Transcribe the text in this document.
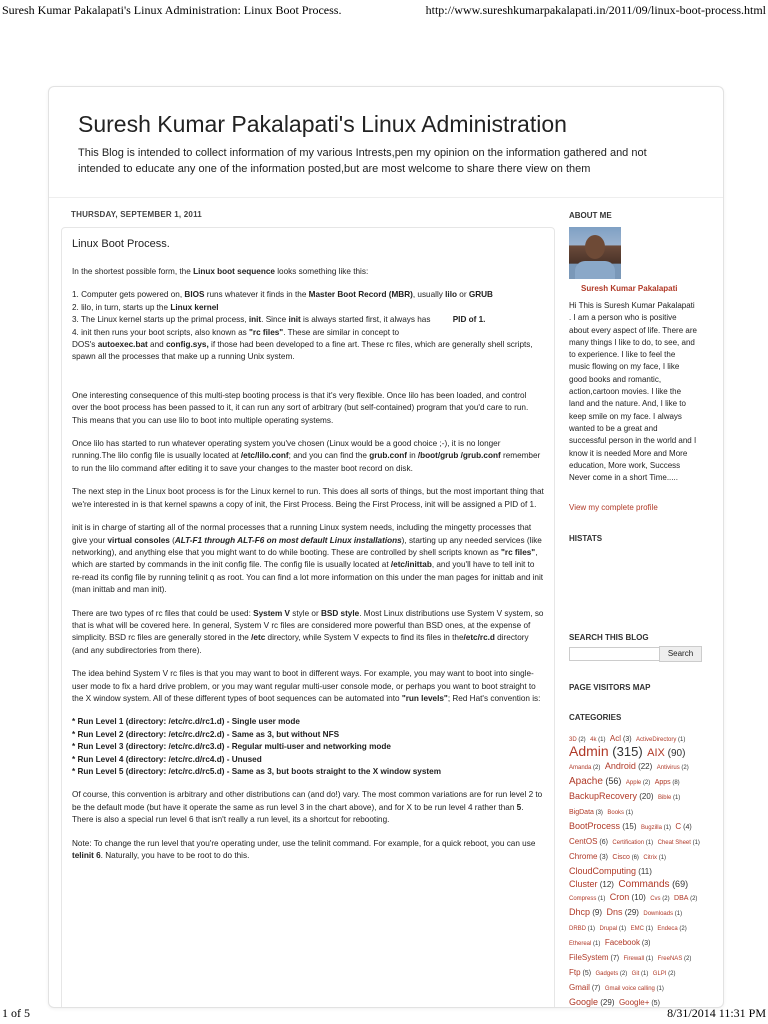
Suresh Kumar Pakalapati's Linux Administration: Linux Boot Process.	http://www.sureshkumarpakalapati.in/2011/09/linux-boot-process.html
Suresh Kumar Pakalapati's Linux Administration
This Blog is intended to collect information of my various Intrests,pen my opinion on the information gathered and not intended to educate any one of the information posted,but are most welcome to share there view on them
THURSDAY, SEPTEMBER 1, 2011
Linux Boot Process.

In the shortest possible form, the Linux boot sequence looks something like this:

1. Computer gets powered on, BIOS runs whatever it finds in the Master Boot Record (MBR), usually lilo or GRUB
2. lilo, in turn, starts up the Linux kernel
3. The Linux kernel starts up the primal process, init. Since init is always started first, it always has PID of 1.
4. init then runs your boot scripts, also known as "rc files". These are similar in concept to
DOS's autoexec.bat and config.sys, if those had been developed to a fine art. These rc files, which are generally shell scripts, spawn all the processes that make up a running Unix system.

One interesting consequence of this multi-step booting process is that it's very flexible. Once lilo has been loaded, and control over the boot process has been passed to it, it can run any sort of arbitrary (but self-contained) program that you'd care to run. This means that you can use lilo to boot into multiple operating systems.

Once lilo has started to run whatever operating system you've chosen (Linux would be a good choice ;-), it is no longer running.The lilo config file is usually located at /etc/lilo.conf; and you can find the grub.conf in /boot/grub /grub.conf remember to run the lilo command after editing it to save your changes to the master boot record on disk.

The next step in the Linux boot process is for the Linux kernel to run. This does all sorts of things, but the most important thing that we're interested in is that kernel spawns a copy of init, the First Process. Being the First Process, init will be assigned a PID of 1.

init is in charge of starting all of the normal processes that a running Linux system needs, including the mingetty processes that give your virtual consoles (ALT-F1 through ALT-F6 on most default Linux installations), starting up any needed services (like networking), and anything else that you might want to do while booting. These are controlled by shell scripts known as "rc files", which are started by commands in the init config file. The config file is usually located at /etc/inittab, and you'll have to tell init to re-read its config file by running telinit q as root. You can find a lot more information on this under the man pages for inittab and init (man inittab and man init).

There are two types of rc files that could be used: System V style or BSD style. Most Linux distributions use System V system, so that is what will be covered here. In general, System V rc files are considered more powerful than BSD ones, at the expense of simplicity. BSD rc files are generally stored in the /etc directory, while System V expects to find its files in the/etc/rc.d directory (and any subdirectories from there).

The idea behind System V rc files is that you may want to boot in different ways. For example, you may want to boot into single-user mode to fix a hard drive problem, or you may want regular multi-user console mode, or perhaps you want to boot straight to the X window system. All of these different types of boot sequences can be automated into "run levels"; Red Hat's convention is:

* Run Level 1 (directory: /etc/rc.d/rc1.d) - Single user mode
* Run Level 2 (directory: /etc/rc.d/rc2.d) - Same as 3, but without NFS
* Run Level 3 (directory: /etc/rc.d/rc3.d) - Regular multi-user and networking mode
* Run Level 4 (directory: /etc/rc.d/rc4.d) - Unused
* Run Level 5 (directory: /etc/rc.d/rc5.d) - Same as 3, but boots straight to the X window system

Of course, this convention is arbitrary and other distributions can (and do!) vary. The most common variations are for run level 2 to be the default mode (but have it operate the same as run level 3 in the chart above), and for X to be run level 4 rather than 5. There is also a special run level 6 that isn't really a run level, its a shortcut for rebooting.

Note: To change the run level that you're operating under, use the telinit command. For example, for a quick reboot, you can use telinit 6. Naturally, you have to be root to do this.

ABOUT ME
Suresh Kumar Pakalapati
Hi This is Suresh Kumar Pakalapati . I am a person who is positive about every aspect of life. There are many things I like to do, to see, and to experience. I like to feel the music flowing on my face, I like good books and romantic, action,cartoon movies. I like the land and the nature. And, I like to keep smile on my face. I always wanted to be a great and successful person in the world and I know it is needed More and More education, More work, Success Never come in a short Time.....
View my complete profile
HISTATS
SEARCH THIS BLOG
Search
PAGE VISITORS MAP
CATEGORIES
3D (2) 4k (1) Acl (3) ActiveDirectory (1) Admin (315) AIX (90) Amanda (2) Android (22) Antivirus (2) Apache (56) Apple (2) Apps (8) BackupRecovery (20) Bible (1) BigData (3) Books (1) BootProcess (15) Bugzilla (1) C (4) CentOS (6) Certification (1) Cheat Sheet (1) Chrome (3) Cisco (6) Citrix (1) CloudComputing (11) Cluster (12) Commands (69) Compress (1) Cron (10) Cvs (2) DBA (2) Dhcp (9) Dns (29) Downloads (1) DRBD (1) Drupal (1) EMC (1) Endeca (2) Ethereal (1) Facebook (3) FileSystem (7) Firewall (1) FreeNAS (2) Ftp (5) Gadgets (2) Git (1) GLPI (2) Gmail (7) Gmail voice calling (1) Google (29) Google+ (5)
1 of 5	8/31/2014 11:31 PM
